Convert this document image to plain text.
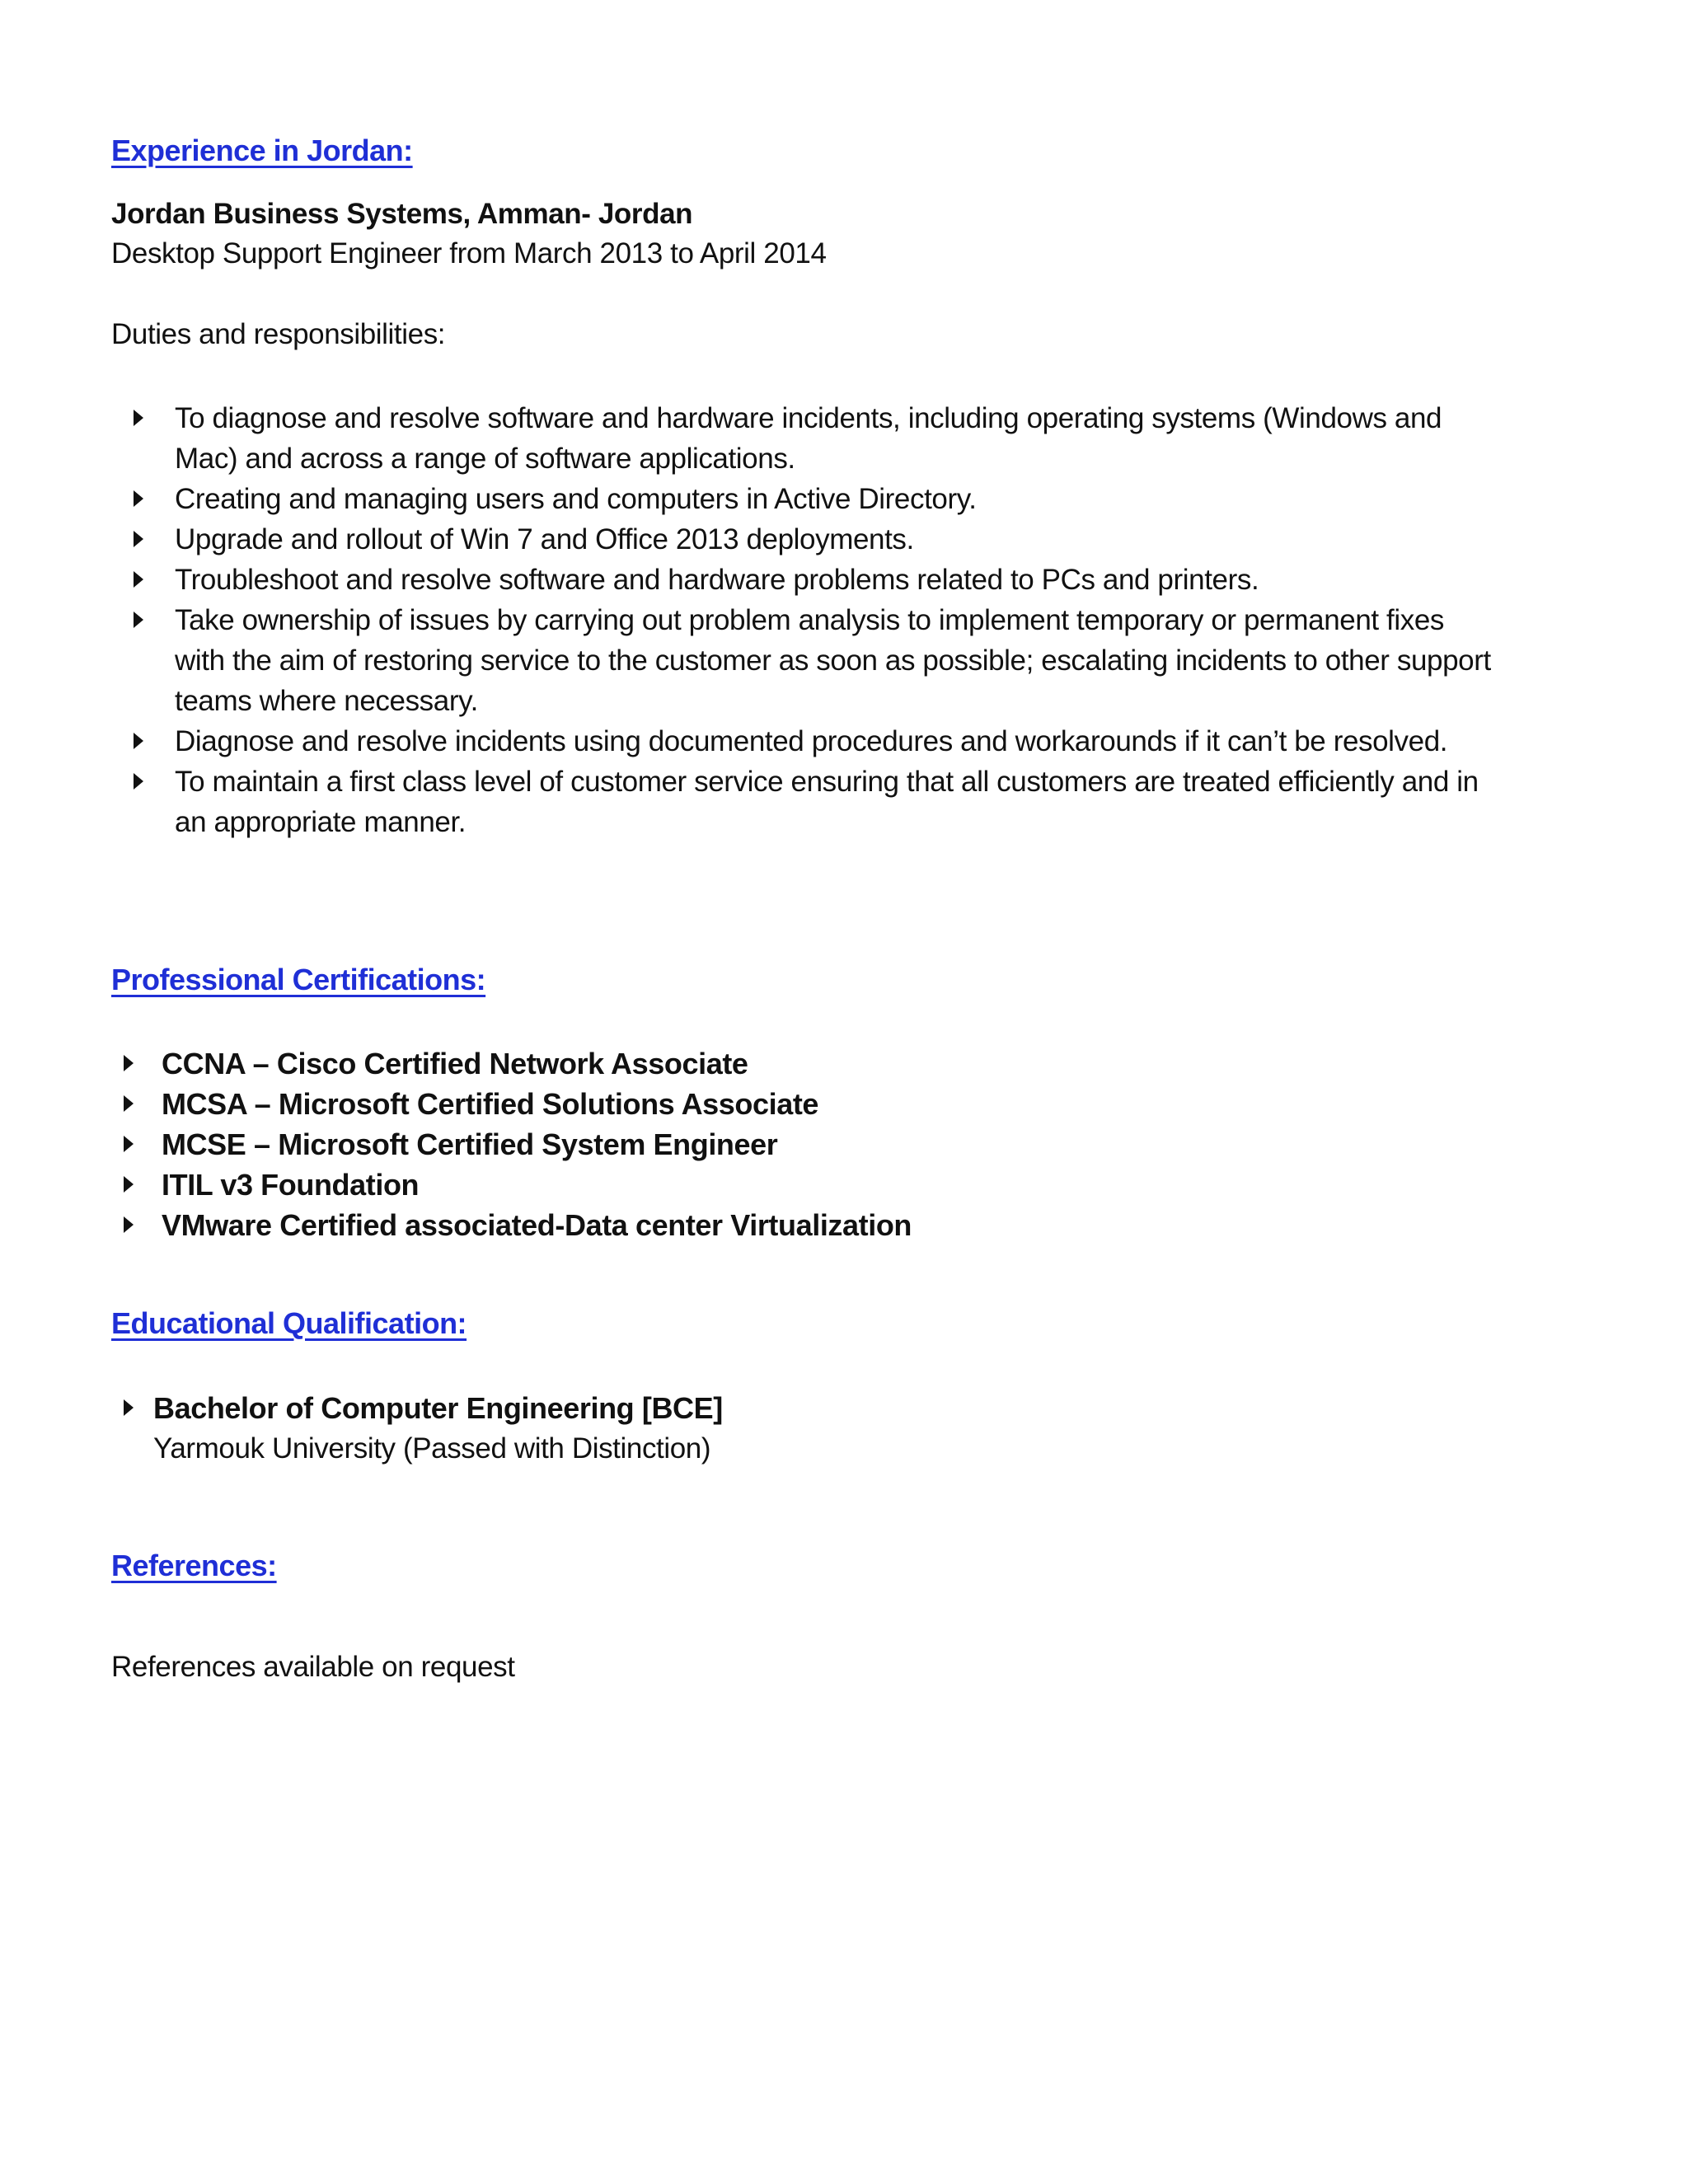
Experience in Jordan:
Jordan Business Systems, Amman- Jordan
Desktop Support Engineer from March 2013 to April 2014
Duties and responsibilities:
To diagnose and resolve software and hardware incidents, including operating systems (Windows and Mac) and across a range of software applications.
Creating and managing users and computers in Active Directory.
Upgrade and rollout of Win 7 and Office 2013 deployments.
Troubleshoot and resolve software and hardware problems related to PCs and printers.
Take ownership of issues by carrying out problem analysis to implement temporary or permanent fixes with the aim of restoring service to the customer as soon as possible; escalating incidents to other support teams where necessary.
Diagnose and resolve incidents using documented procedures and workarounds if it can’t be resolved.
To maintain a first class level of customer service ensuring that all customers are treated efficiently and in an appropriate manner.
Professional Certifications:
CCNA – Cisco Certified Network Associate
MCSA – Microsoft Certified Solutions Associate
MCSE – Microsoft Certified System Engineer
ITIL v3 Foundation
VMware Certified associated-Data center Virtualization
Educational Qualification:
Bachelor of Computer Engineering [BCE]
Yarmouk University (Passed with Distinction)
References:
References available on request
